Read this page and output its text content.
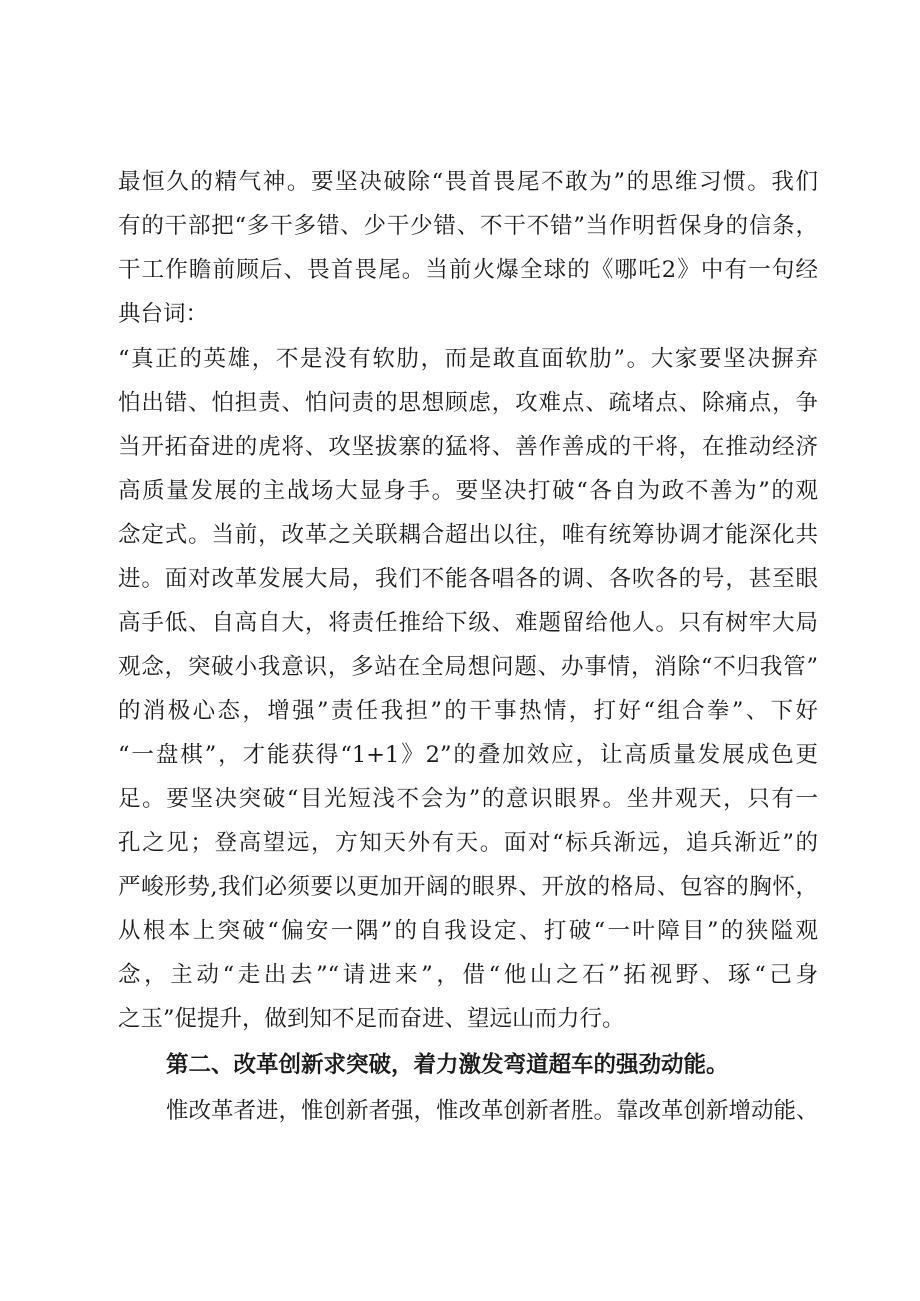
最恒久的精气神。要坚决破除“畏首畏尾不敢为”的思维习惯。我们
有的干部把“多干多错、少干少错、不干不错”当作明哲保身的信条，
干工作瞻前顾后、畏首畏尾。当前火爆全球的《哪吒2》中有一句经
典台词：
“真正的英雄，不是没有软肋，而是敢直面软肋”。大家要坚决摒弃
怕出错、怕担责、怕问责的思想顾虑，攻难点、疏堵点、除痛点，争
当开拓奋进的虎将、攻坚拔寨的猛将、善作善成的干将，在推动经济
高质量发展的主战场大显身手。要坚决打破“各自为政不善为”的观
念定式。当前，改革之关联耦合超出以往，唯有统筹协调才能深化共
进。面对改革发展大局，我们不能各唱各的调、各吹各的号，甚至眼
高手低、自高自大，将责任推给下级、难题留给他人。只有树牢大局
观念，突破小我意识，多站在全局想问题、办事情，消除“不归我管”
的消极心态，增强”责任我担”的干事热情，打好“组合拳”、下好
“一盘棋”，才能获得“1+1》2”的叠加效应，让高质量发展成色更
足。要坚决突破“目光短浅不会为”的意识眼界。坐井观天，只有一
孔之见；登高望远，方知天外有天。面对“标兵渐远，追兵渐近”的
严峻形势,我们必须要以更加开阔的眼界、开放的格局、包容的胸怀，
从根本上突破“偏安一隅”的自我设定、打破“一叶障目”的狭隘观
念，主动“走出去”“请进来”，借“他山之石”拓视野、琢“己身
之玉”促提升，做到知不足而奋进、望远山而力行。
第二、改革创新求突破，着力激发弯道超车的强劲动能。
惟改革者进，惟创新者强，惟改革创新者胜。靠改革创新增动能、
